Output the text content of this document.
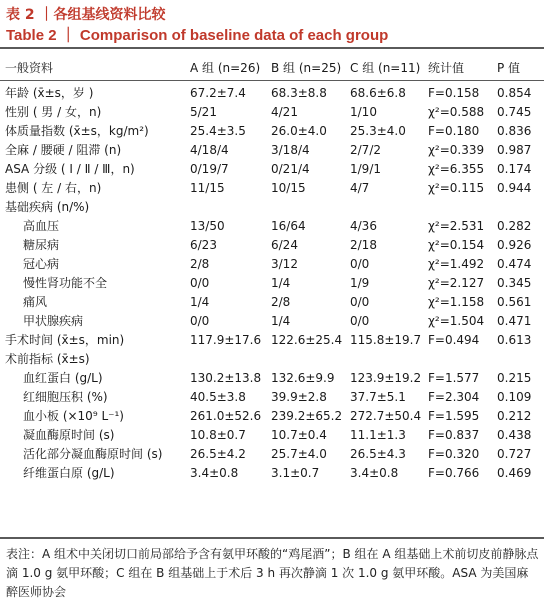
表 2 ｜各组基线资料比较
Table 2 ｜ Comparison of baseline data of each group
一般资料	A 组 (n=26)	B 组 (n=25)	C 组 (n=11)	统计值	P 值

年龄 (x̄±s，岁 )	67.2±7.4	68.3±8.8	68.6±6.8	F=0.158	0.854
性别 ( 男 / 女，n)	5/21	4/21	1/10	χ²=0.588	0.745
体质量指数 (x̄±s，kg/m²)	25.4±3.5	26.0±4.0	25.3±4.0	F=0.180	0.836
全麻 / 腰硬 / 阻滞 (n)	4/18/4	3/18/4	2/7/2	χ²=0.339	0.987
ASA 分级 ( Ⅰ / Ⅱ / Ⅲ，n)	0/19/7	0/21/4	1/9/1	χ²=6.355	0.174
患侧 ( 左 / 右，n)	11/15	10/15	4/7	χ²=0.115	0.944
基础疾病 (n/%)					
高血压	13/50	16/64	4/36	χ²=2.531	0.282
糖尿病	6/23	6/24	2/18	χ²=0.154	0.926
冠心病	2/8	3/12	0/0	χ²=1.492	0.474
慢性肾功能不全	0/0	1/4	1/9	χ²=2.127	0.345
痛风	1/4	2/8	0/0	χ²=1.158	0.561
甲状腺疾病	0/0	1/4	0/0	χ²=1.504	0.471
手术时间 (x̄±s，min)	117.9±17.6	122.6±25.4	115.8±19.7	F=0.494	0.613
术前指标 (x̄±s)					
血红蛋白 (g/L)	130.2±13.8	132.6±9.9	123.9±19.2	F=1.577	0.215
红细胞压积 (%)	40.5±3.8	39.9±2.8	37.7±5.1	F=2.304	0.109
血小板 (×10⁹ L⁻¹)	261.0±52.6	239.2±65.2	272.7±50.4	F=1.595	0.212
凝血酶原时间 (s)	10.8±0.7	10.7±0.4	11.1±1.3	F=0.837	0.438
活化部分凝血酶原时间 (s)	26.5±4.2	25.7±4.0	26.5±4.3	F=0.320	0.727
纤维蛋白原 (g/L)	3.4±0.8	3.1±0.7	3.4±0.8	F=0.766	0.469
表注：A 组术中关闭切口前局部给予含有氨甲环酸的“鸡尾酒”；B 组在 A 组基础上术前切皮前静脉点滴 1.0 g 氨甲环酸；C 组在 B 组基础上于术后 3 h 再次静滴 1 次 1.0 g 氨甲环酸。ASA 为美国麻醉医师协会
